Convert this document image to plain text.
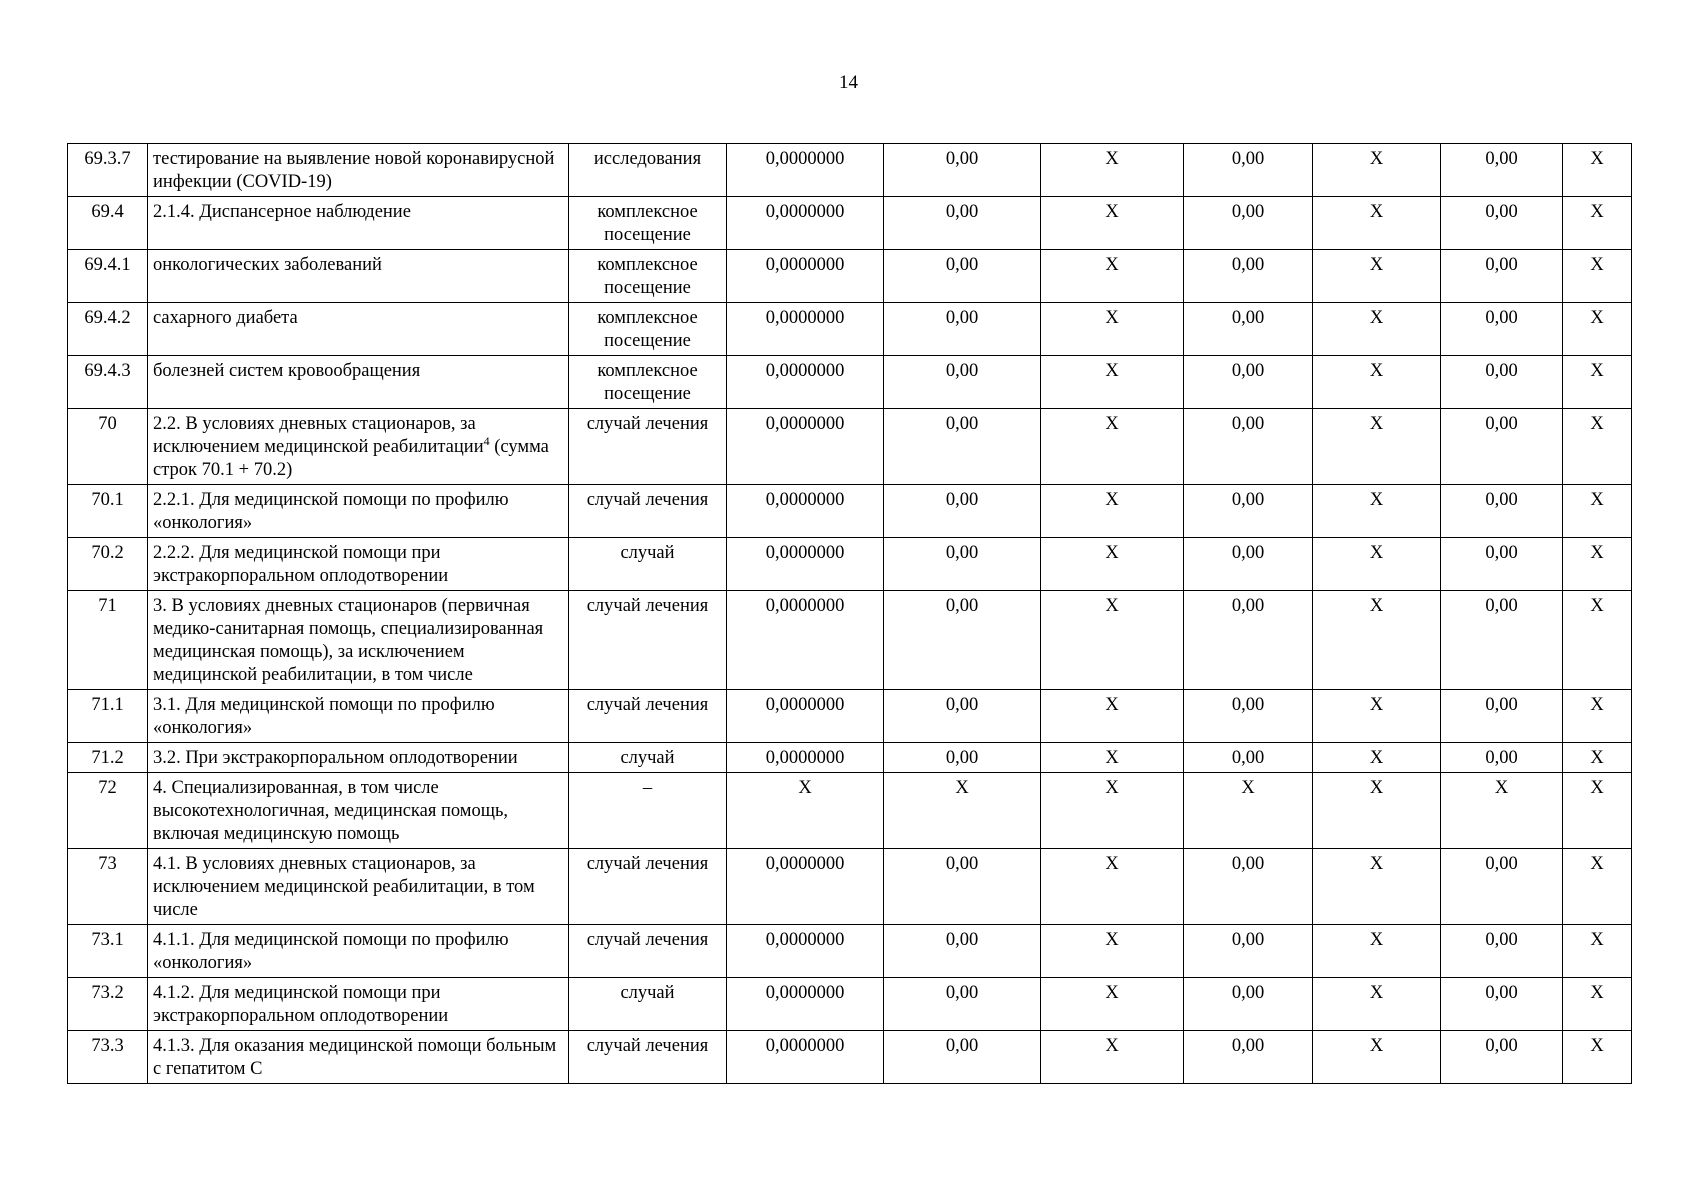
14
69.3.7	тестирование на выявление новой коронавирусной инфекции (COVID-19)	исследования	0,0000000	0,00	X	0,00	X	0,00	X
69.4	2.1.4. Диспансерное наблюдение	комплексное посещение	0,0000000	0,00	X	0,00	X	0,00	X
69.4.1	онкологических заболеваний	комплексное посещение	0,0000000	0,00	X	0,00	X	0,00	X
69.4.2	сахарного диабета	комплексное посещение	0,0000000	0,00	X	0,00	X	0,00	X
69.4.3	болезней систем кровообращения	комплексное посещение	0,0000000	0,00	X	0,00	X	0,00	X
70	2.2. В условиях дневных стационаров, за исключением медицинской реабилитации$^4$ (сумма строк 70.1 + 70.2)	случай лечения	0,0000000	0,00	X	0,00	X	0,00	X
70.1	2.2.1. Для медицинской помощи по профилю «онкология»	случай лечения	0,0000000	0,00	X	0,00	X	0,00	X
70.2	2.2.2. Для медицинской помощи при экстракорпоральном оплодотворении	случай	0,0000000	0,00	X	0,00	X	0,00	X
71	3. В условиях дневных стационаров (первичная медико-санитарная помощь, специализированная медицинская помощь), за исключением медицинской реабилитации, в том числе	случай лечения	0,0000000	0,00	X	0,00	X	0,00	X
71.1	3.1. Для медицинской помощи по профилю «онкология»	случай лечения	0,0000000	0,00	X	0,00	X	0,00	X
71.2	3.2. При экстракорпоральном оплодотворении	случай	0,0000000	0,00	X	0,00	X	0,00	X
72	4. Специализированная, в том числе высокотехнологичная, медицинская помощь, включая медицинскую помощь	–	X	X	X	X	X	X	X
73	4.1. В условиях дневных стационаров, за исключением медицинской реабилитации, в том числе	случай лечения	0,0000000	0,00	X	0,00	X	0,00	X
73.1	4.1.1. Для медицинской помощи по профилю «онкология»	случай лечения	0,0000000	0,00	X	0,00	X	0,00	X
73.2	4.1.2. Для медицинской помощи при экстракорпоральном оплодотворении	случай	0,0000000	0,00	X	0,00	X	0,00	X
73.3	4.1.3. Для оказания медицинской помощи больным с гепатитом С	случай лечения	0,0000000	0,00	X	0,00	X	0,00	X
